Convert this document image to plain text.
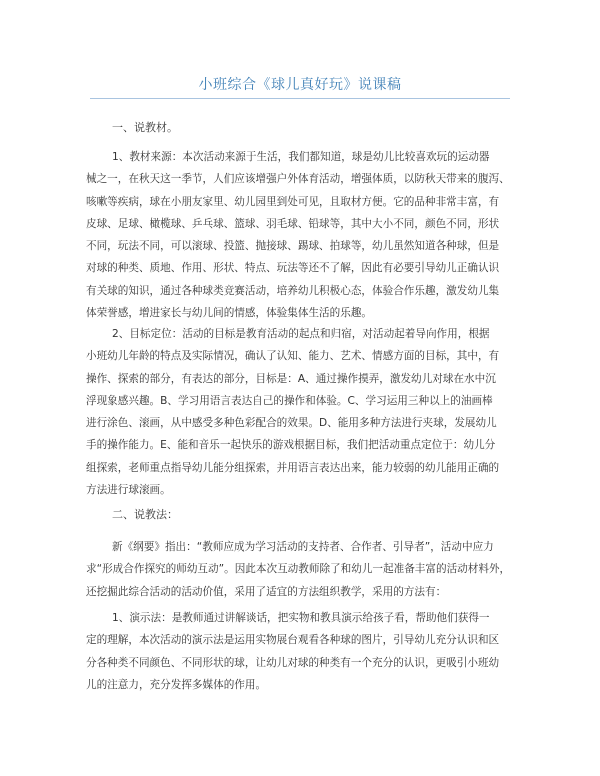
小班综合《球儿真好玩》说课稿
一、说教材。
1、教材来源：本次活动来源于生活，我们都知道，球是幼儿比较喜欢玩的运动器
械之一，在秋天这一季节，人们应该增强户外体育活动，增强体质，以防秋天带来的腹泻、
咳嗽等疾病，球在小朋友家里、幼儿园里到处可见，且取材方便。它的品种非常丰富，有
皮球、足球、橄榄球、乒乓球、篮球、羽毛球、铅球等，其中大小不同，颜色不同，形状
不同，玩法不同，可以滚球、投篮、抛接球、踢球、拍球等，幼儿虽然知道各种球，但是
对球的种类、质地、作用、形状、特点、玩法等还不了解，因此有必要引导幼儿正确认识
有关球的知识，通过各种球类竞赛活动，培养幼儿积极心态，体验合作乐趣，激发幼儿集
体荣誉感，增进家长与幼儿间的情感，体验集体生活的乐趣。
2、目标定位：活动的目标是教育活动的起点和归宿，对活动起着导向作用，根据
小班幼儿年龄的特点及实际情况，确认了认知、能力、艺术、情感方面的目标，其中，有
操作、探索的部分，有表达的部分，目标是：A、通过操作摸弄，激发幼儿对球在水中沉
浮现象感兴趣。B、学习用语言表达自己的操作和体验。C、学习运用三种以上的油画棒
进行涂色、滚画，从中感受多种色彩配合的效果。D、能用多种方法进行夹球，发展幼儿
手的操作能力。E、能和音乐一起快乐的游戏根据目标，我们把活动重点定位于：幼儿分
组探索，老师重点指导幼儿能分组探索，并用语言表达出来，能力较弱的幼儿能用正确的
方法进行球滚画。
二、说教法：
新《纲要》指出：“教师应成为学习活动的支持者、合作者、引导者”，活动中应力
求“形成合作探究的师幼互动”。因此本次互动教师除了和幼儿一起准备丰富的活动材料外，
还挖掘此综合活动的活动价值，采用了适宜的方法组织教学，采用的方法有：
1、演示法：是教师通过讲解谈话，把实物和教具演示给孩子看，帮助他们获得一
定的理解，本次活动的演示法是运用实物展台观看各种球的图片，引导幼儿充分认识和区
分各种类不同颜色、不同形状的球，让幼儿对球的种类有一个充分的认识，更吸引小班幼
儿的注意力，充分发挥多媒体的作用。
